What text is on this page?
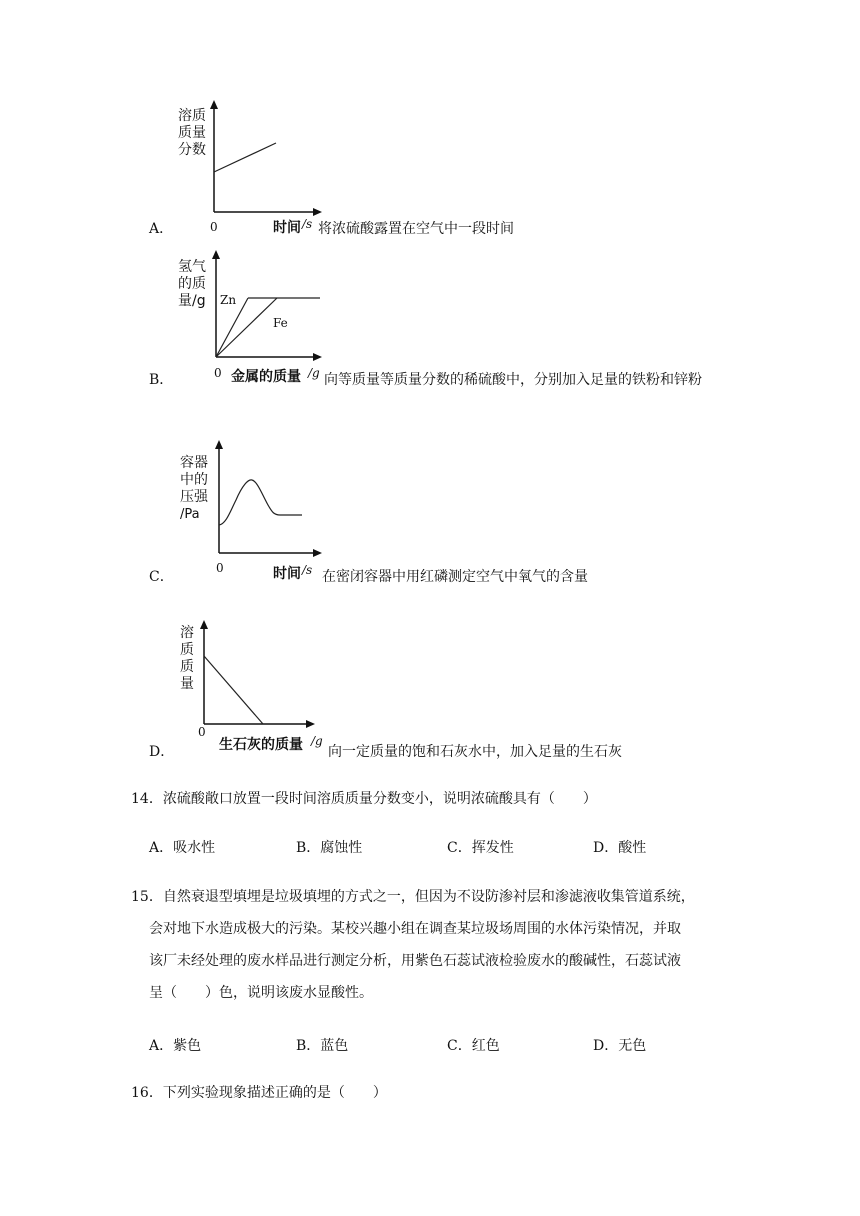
A．
溶质
质量
分数
0	时间 /s 将浓硫酸露置在空气中一段时间
B．
氢气
的质
量/g Zn
Fe
0 金属的质量 /g 向等质量等质量分数的稀硫酸中，分别加入足量的铁粉和锌粉
C．
容器
中的
压强
/Pa
0	时间 /s 在密闭容器中用红磷测定空气中氧气的含量
D．
溶
质
质
量
0
生石灰的质量 /g
向一定质量的饱和石灰水中，加入足量的生石灰
14．浓硫酸敞口放置一段时间溶质质量分数变小，说明浓硫酸具有（　　）
A．吸水性	B．腐蚀性	C．挥发性	D．酸性
15．自然衰退型填埋是垃圾填埋的方式之一，但因为不设防渗衬层和渗滤液收集管道系统，
会对地下水造成极大的污染。某校兴趣小组在调查某垃圾场周围的水体污染情况，并取
该厂未经处理的废水样品进行测定分析，用紫色石蕊试液检验废水的酸碱性，石蕊试液
呈（　　）色，说明该废水显酸性。
A．紫色	B．蓝色	C．红色	D．无色
16．下列实验现象描述正确的是（　　）
